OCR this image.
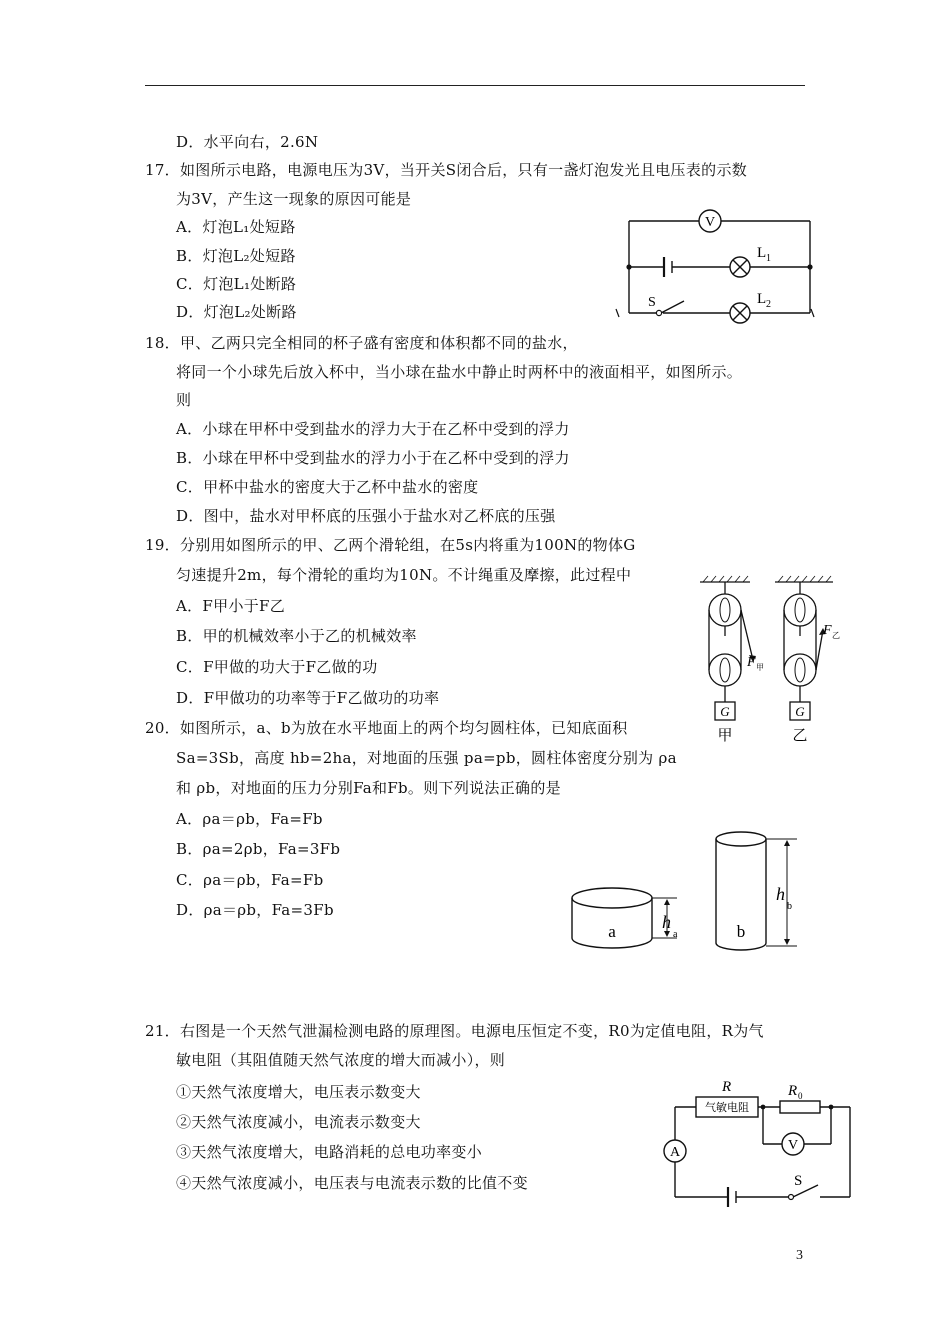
D．水平向右，2.6N
17．如图所示电路，电源电压为3V，当开关S闭合后，只有一盏灯泡发光且电压表的示数
为3V，产生这一现象的原因可能是
A．灯泡L₁处短路
B．灯泡L₂处短路
C．灯泡L₁处断路
D．灯泡L₂处断路
V
L 1
L 2
S
18．甲、乙两只完全相同的杯子盛有密度和体积都不同的盐水，
将同一个小球先后放入杯中，当小球在盐水中静止时两杯中的液面相平，如图所示。
则
A．小球在甲杯中受到盐水的浮力大于在乙杯中受到的浮力
B．小球在甲杯中受到盐水的浮力小于在乙杯中受到的浮力
C．甲杯中盐水的密度大于乙杯中盐水的密度
D．图中，盐水对甲杯底的压强小于盐水对乙杯底的压强
19．分别用如图所示的甲、乙两个滑轮组，在5s内将重为100N的物体G
匀速提升2m，每个滑轮的重均为10N。不计绳重及摩擦，此过程中
A．F甲小于F乙
B．甲的机械效率小于乙的机械效率
C．F甲做的功大于F乙做的功
D．F甲做功的功率等于F乙做功的功率
F 甲
F 乙
G	G
甲	乙
20．如图所示，a、b为放在水平地面上的两个均匀圆柱体，已知底面积
Sa=3Sb，高度 hb=2ha，对地面的压强 pa=pb，圆柱体密度分别为 ρa
和 ρb，对地面的压力分别Fa和Fb。则下列说法正确的是
A．ρa＝ρb，Fa=Fb
B．ρa=2ρb，Fa=3Fb
C．ρa＝ρb，Fa=Fb
D．ρa＝ρb，Fa=3Fb
a	b
h
a
h
b
21．右图是一个天然气泄漏检测电路的原理图。电源电压恒定不变，R0为定值电阻，R为气
敏电阻（其阻值随天然气浓度的增大而减小），则
①天然气浓度增大，电压表示数变大
②天然气浓度减小，电流表示数变大
③天然气浓度增大，电路消耗的总电功率变小
④天然气浓度减小，电压表与电流表示数的比值不变
R
气敏电阻
R 0
V
A
S
3
